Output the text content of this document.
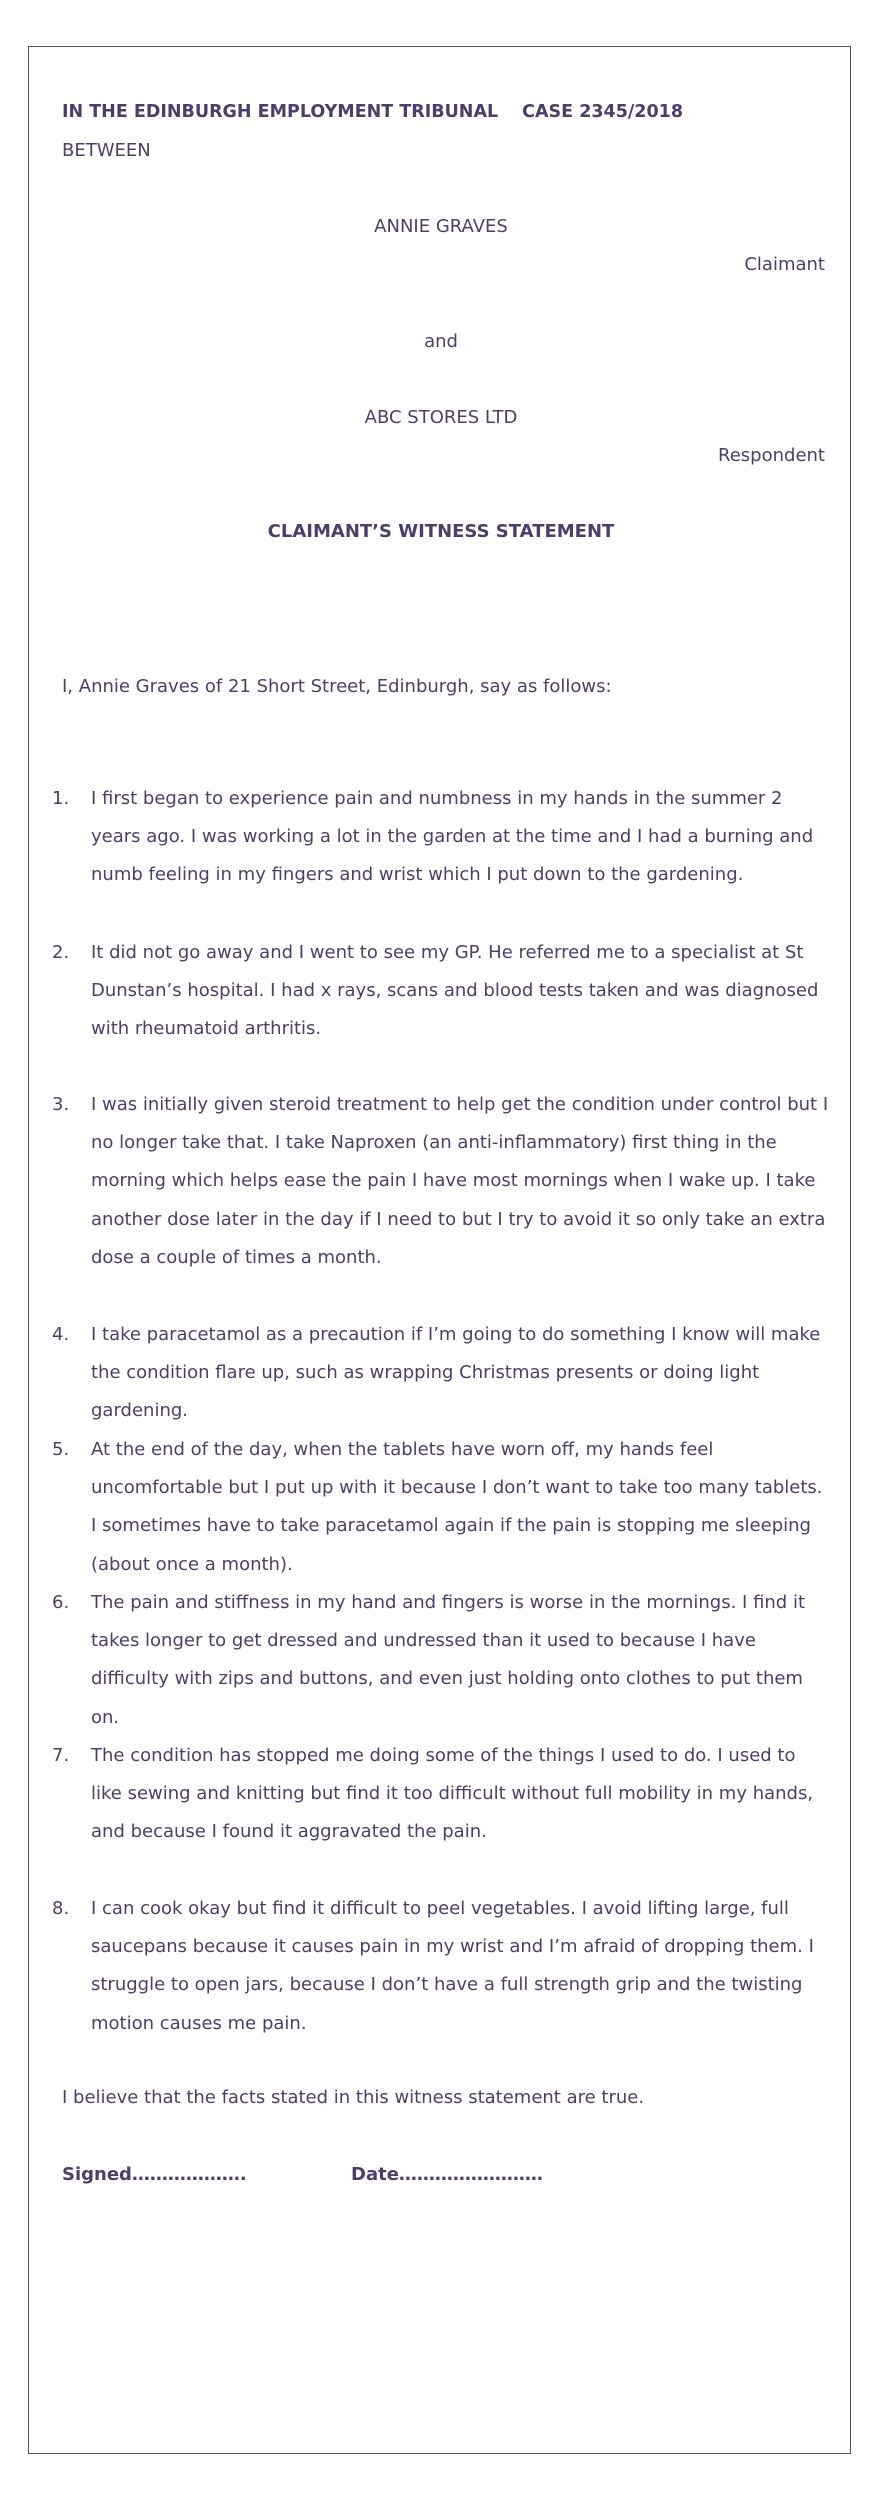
IN THE EDINBURGH EMPLOYMENT TRIBUNAL CASE 2345/2018
BETWEEN
ANNIE GRAVES
Claimant
and
ABC STORES LTD
Respondent
CLAIMANT’S WITNESS STATEMENT
I, Annie Graves of 21 Short Street, Edinburgh, say as follows:
1. I first began to experience pain and numbness in my hands in the summer 2 years ago. I was working a lot in the garden at the time and I had a burning and numb feeling in my fingers and wrist which I put down to the gardening.
2. It did not go away and I went to see my GP. He referred me to a specialist at St Dunstan’s hospital. I had x rays, scans and blood tests taken and was diagnosed with rheumatoid arthritis.
3. I was initially given steroid treatment to help get the condition under control but I no longer take that. I take Naproxen (an anti-inflammatory) first thing in the morning which helps ease the pain I have most mornings when I wake up. I take another dose later in the day if I need to but I try to avoid it so only take an extra dose a couple of times a month.
4. I take paracetamol as a precaution if I’m going to do something I know will make the condition flare up, such as wrapping Christmas presents or doing light gardening.
5. At the end of the day, when the tablets have worn off, my hands feel uncomfortable but I put up with it because I don’t want to take too many tablets. I sometimes have to take paracetamol again if the pain is stopping me sleeping (about once a month).
6. The pain and stiffness in my hand and fingers is worse in the mornings. I find it takes longer to get dressed and undressed than it used to because I have difficulty with zips and buttons, and even just holding onto clothes to put them on.
7. The condition has stopped me doing some of the things I used to do. I used to like sewing and knitting but find it too difficult without full mobility in my hands, and because I found it aggravated the pain.
8. I can cook okay but find it difficult to peel vegetables. I avoid lifting large, full saucepans because it causes pain in my wrist and I’m afraid of dropping them. I struggle to open jars, because I don’t have a full strength grip and the twisting motion causes me pain.
I believe that the facts stated in this witness statement are true.
Signed……………….	Date……………………
